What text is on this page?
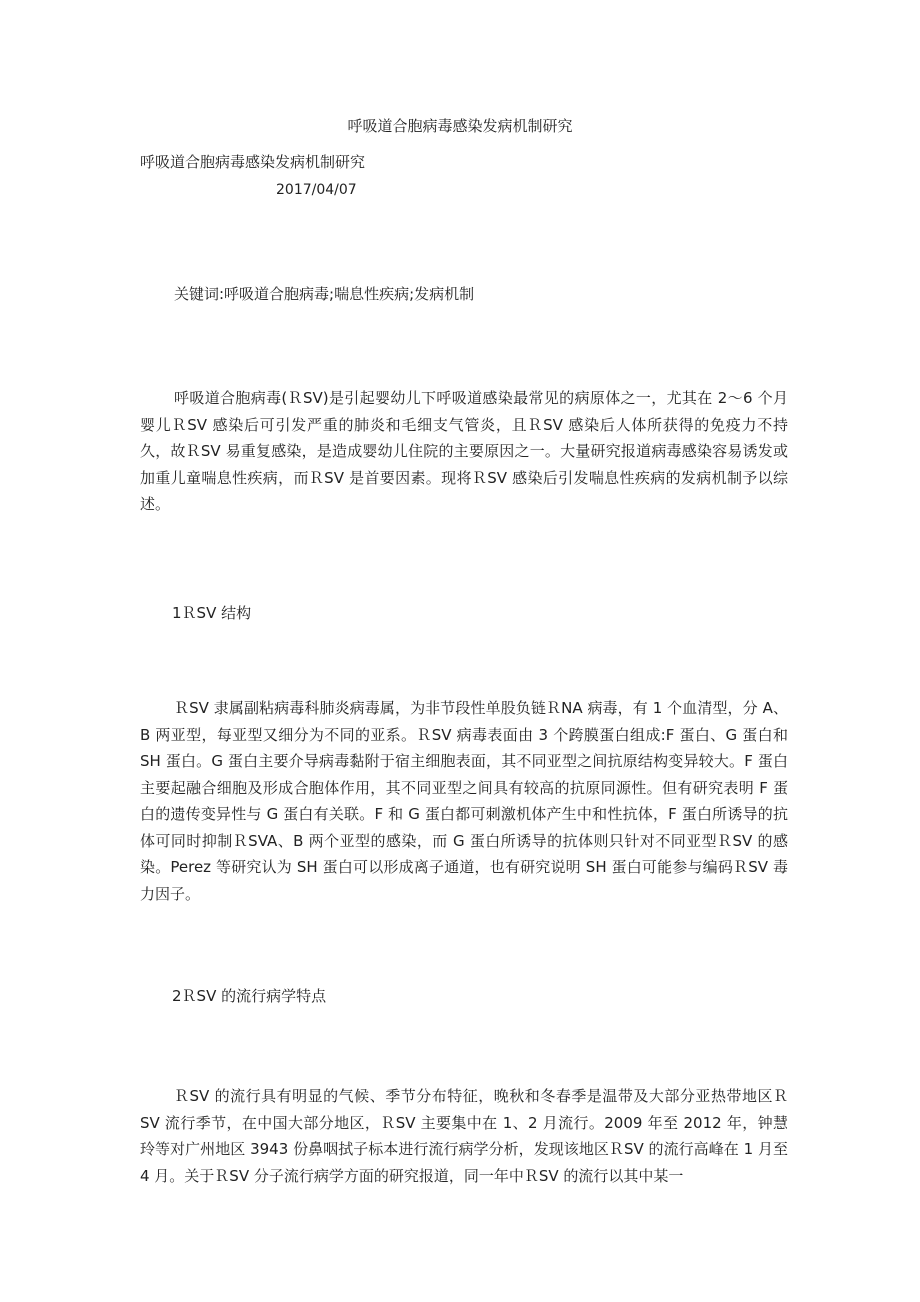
呼吸道合胞病毒感染发病机制研究
呼吸道合胞病毒感染发病机制研究
2017/04/07
关键词:呼吸道合胞病毒;喘息性疾病;发病机制
呼吸道合胞病毒(ＲSV)是引起婴幼儿下呼吸道感染最常见的病原体之一，尤其在 2～6 个月婴儿ＲSV 感染后可引发严重的肺炎和毛细支气管炎，且ＲSV 感染后人体所获得的免疫力不持久，故ＲSV 易重复感染，是造成婴幼儿住院的主要原因之一。大量研究报道病毒感染容易诱发或加重儿童喘息性疾病，而ＲSV 是首要因素。现将ＲSV 感染后引发喘息性疾病的发病机制予以综述。
1ＲSV 结构
ＲSV 隶属副粘病毒科肺炎病毒属，为非节段性单股负链ＲNA 病毒，有 1 个血清型，分 A、B 两亚型，每亚型又细分为不同的亚系。ＲSV 病毒表面由 3 个跨膜蛋白组成:F 蛋白、G 蛋白和 SH 蛋白。G 蛋白主要介导病毒黏附于宿主细胞表面，其不同亚型之间抗原结构变异较大。F 蛋白主要起融合细胞及形成合胞体作用，其不同亚型之间具有较高的抗原同源性。但有研究表明 F 蛋白的遗传变异性与 G 蛋白有关联。F 和 G 蛋白都可刺激机体产生中和性抗体，F 蛋白所诱导的抗体可同时抑制ＲSVA、B 两个亚型的感染，而 G 蛋白所诱导的抗体则只针对不同亚型ＲSV 的感染。Perez 等研究认为 SH 蛋白可以形成离子通道，也有研究说明 SH 蛋白可能参与编码ＲSV 毒力因子。
2ＲSV 的流行病学特点
ＲSV 的流行具有明显的气候、季节分布特征，晚秋和冬春季是温带及大部分亚热带地区ＲSV 流行季节，在中国大部分地区，ＲSV 主要集中在 1、2 月流行。2009 年至 2012 年，钟慧玲等对广州地区 3943 份鼻咽拭子标本进行流行病学分析，发现该地区ＲSV 的流行高峰在 1 月至 4 月。关于ＲSV 分子流行病学方面的研究报道，同一年中ＲSV 的流行以其中某一
